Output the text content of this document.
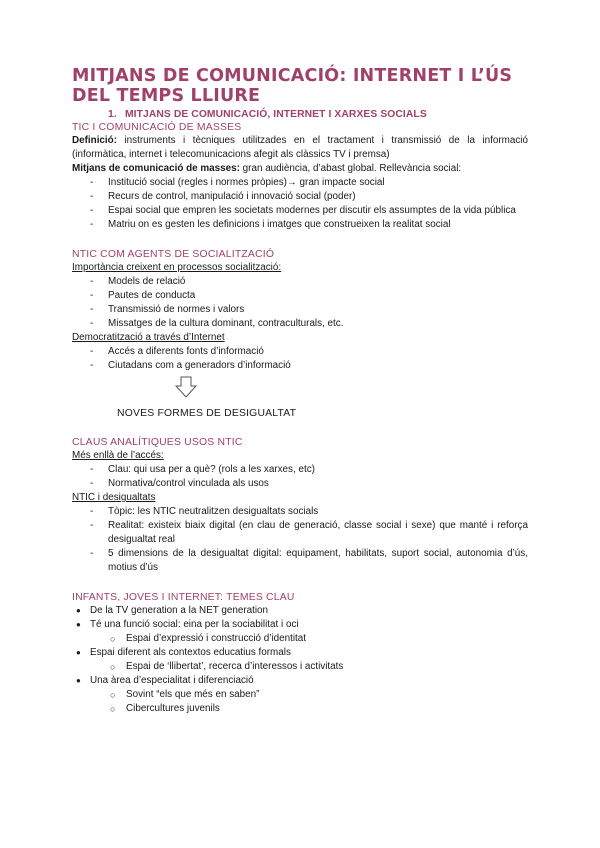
MITJANS DE COMUNICACIÓ: INTERNET I L’ÚS DEL TEMPS LLIURE
1. MITJANS DE COMUNICACIÓ, INTERNET I XARXES SOCIALS
TIC I COMUNICACIÓ DE MASSES

Definició: instruments i tècniques utilitzades en el tractament i transmissió de la informació (informàtica, internet i telecomunicacions afegit als clàssics TV i premsa)

Mitjans de comunicació de masses: gran audiència, d’abast global. Rellevància social:

- Institució social (regles i normes pròpies)→ gran impacte social
- Recurs de control, manipulació i innovació social (poder)
- Espai social que empren les societats modernes per discutir els assumptes de la vida pública
- Matriu on es gesten les definicions i imatges que construeixen la realitat social
NTIC COM AGENTS DE SOCIALITZACIÓ

Importància creixent en processos socialització:

- Models de relació
- Pautes de conducta
- Transmissió de normes i valors
- Missatges de la cultura dominant, contraculturals, etc.

Democratització a través d’Internet

- Accés a diferents fonts d’informació
- Ciutadans com a generadors d’informació
NOVES FORMES DE DESIGUALTAT
CLAUS ANALÍTIQUES USOS NTIC

Més enllà de l’accés:

- Clau: qui usa per a què? (rols a les xarxes, etc)
- Normativa/control vinculada als usos

NTIC i desigualtats

- Tòpic: les NTIC neutralitzen desigualtats socials
- Realitat: existeix biaix digital (en clau de generació, classe social i sexe) que manté i reforça desigualtat real
- 5 dimensions de la desigualtat digital: equipament, habilitats, suport social, autonomia d’ús, motius d’ús
INFANTS, JOVES I INTERNET: TEMES CLAU
● De la TV generation a la NET generation
● Té una funció social: eina per la sociabilitat i oci
○ Espai d’expressió i construcció d’identitat
● Espai diferent als contextos educatius formals
○ Espai de ‘llibertat’, recerca d’interessos i activitats
● Una àrea d’especialitat i diferenciació
○ Sovint “els que més en saben”
○ Cibercultures juvenils
